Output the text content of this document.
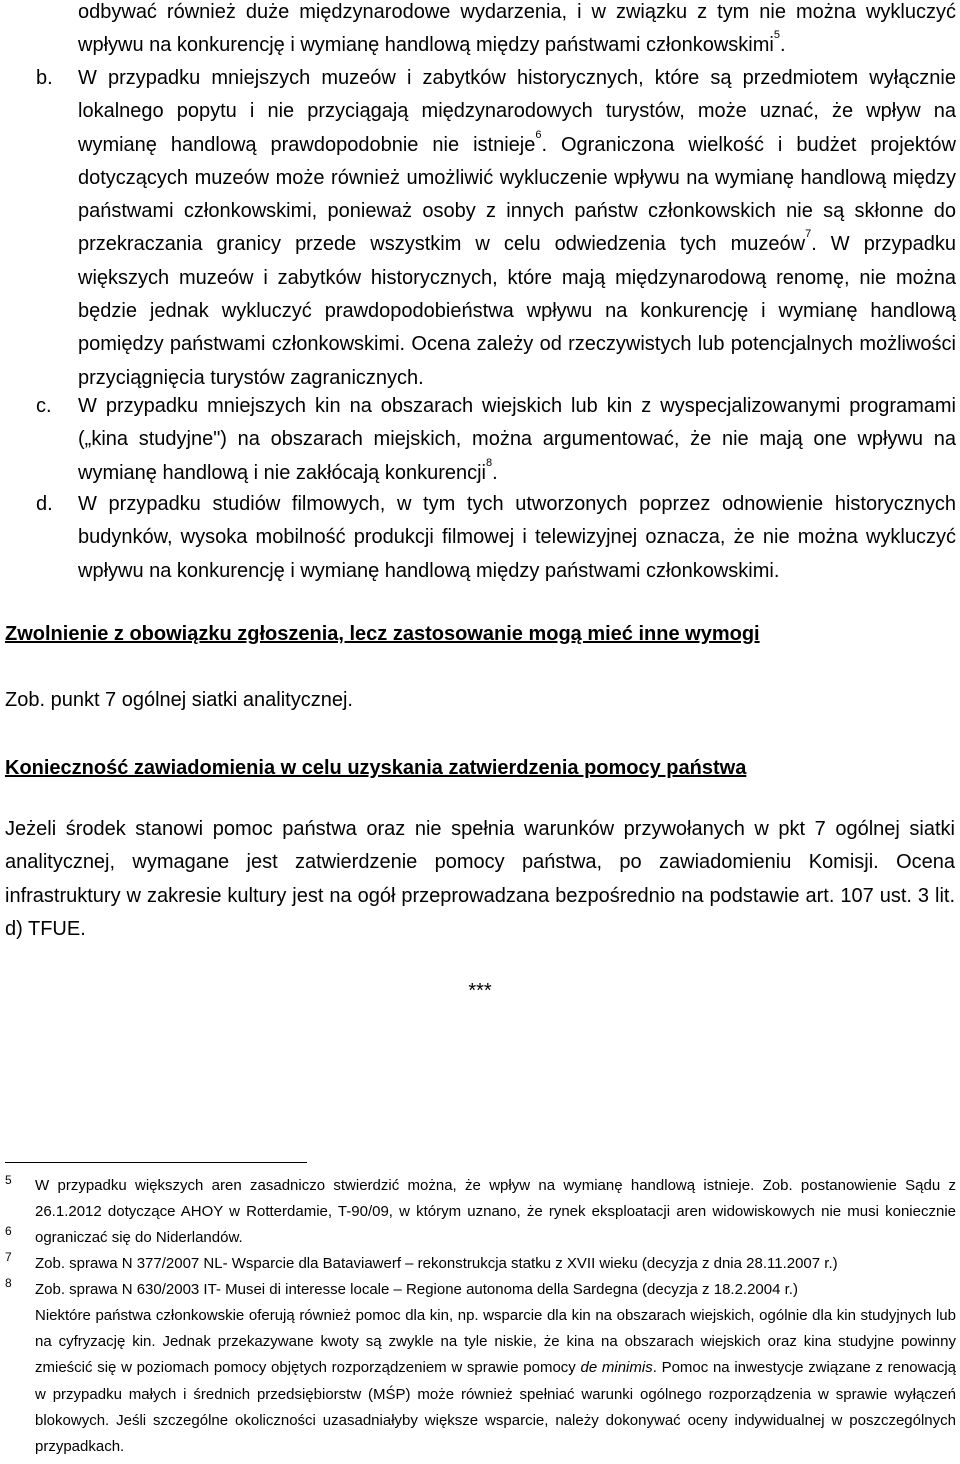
odbywać również duże międzynarodowe wydarzenia, i w związku z tym nie można wykluczyć wpływu na konkurencję i wymianę handlową między państwami członkowskimi$^5$.
b. W przypadku mniejszych muzeów i zabytków historycznych, które są przedmiotem wyłącznie lokalnego popytu i nie przyciągają międzynarodowych turystów, może uznać, że wpływ na wymianę handlową prawdopodobnie nie istnieje$^6$. Ograniczona wielkość i budżet projektów dotyczących muzeów może również umożliwić wykluczenie wpływu na wymianę handlową między państwami członkowskimi, ponieważ osoby z innych państw członkowskich nie są skłonne do przekraczania granicy przede wszystkim w celu odwiedzenia tych muzeów$^7$. W przypadku większych muzeów i zabytków historycznych, które mają międzynarodową renomę, nie można będzie jednak wykluczyć prawdopodobieństwa wpływu na konkurencję i wymianę handlową pomiędzy państwami członkowskimi. Ocena zależy od rzeczywistych lub potencjalnych możliwości przyciągnięcia turystów zagranicznych.
c. W przypadku mniejszych kin na obszarach wiejskich lub kin z wyspecjalizowanymi programami („kina studyjne") na obszarach miejskich, można argumentować, że nie mają one wpływu na wymianę handlową i nie zakłócają konkurencji$^8$.
d. W przypadku studiów filmowych, w tym tych utworzonych poprzez odnowienie historycznych budynków, wysoka mobilność produkcji filmowej i telewizyjnej oznacza, że nie można wykluczyć wpływu na konkurencję i wymianę handlową między państwami członkowskimi.
Zwolnienie z obowiązku zgłoszenia, lecz zastosowanie mogą mieć inne wymogi
Zob. punkt 7 ogólnej siatki analitycznej.
Konieczność zawiadomienia w celu uzyskania zatwierdzenia pomocy państwa
Jeżeli środek stanowi pomoc państwa oraz nie spełnia warunków przywołanych w pkt 7 ogólnej siatki analitycznej, wymagane jest zatwierdzenie pomocy państwa, po zawiadomieniu Komisji. Ocena infrastruktury w zakresie kultury jest na ogół przeprowadzana bezpośrednio na podstawie art. 107 ust. 3 lit. d) TFUE.
***
5 W przypadku większych aren zasadniczo stwierdzić można, że wpływ na wymianę handlową istnieje. Zob. postanowienie Sądu z 26.1.2012 dotyczące AHOY w Rotterdamie, T-90/09, w którym uznano, że rynek eksploatacji aren widowiskowych nie musi koniecznie ograniczać się do Niderlandów.
6
Zob. sprawa N 377/2007 NL- Wsparcie dla Bataviawerf – rekonstrukcja statku z XVII wieku (decyzja z dnia 28.11.2007 r.)
7
Zob. sprawa N 630/2003 IT- Musei di interesse locale – Regione autonoma della Sardegna (decyzja z 18.2.2004 r.)
8
Niektóre państwa członkowskie oferują również pomoc dla kin, np. wsparcie dla kin na obszarach wiejskich, ogólnie dla kin studyjnych lub na cyfryzację kin. Jednak przekazywane kwoty są zwykle na tyle niskie, że kina na obszarach wiejskich oraz kina studyjne powinny zmieścić się w poziomach pomocy objętych rozporządzeniem w sprawie pomocy de minimis. Pomoc na inwestycje związane z renowacją w przypadku małych i średnich przedsiębiorstw (MŚP) może również spełniać warunki ogólnego rozporządzenia w sprawie wyłączeń blokowych. Jeśli szczególne okoliczności uzasadniałyby większe wsparcie, należy dokonywać oceny indywidualnej w poszczególnych przypadkach.
